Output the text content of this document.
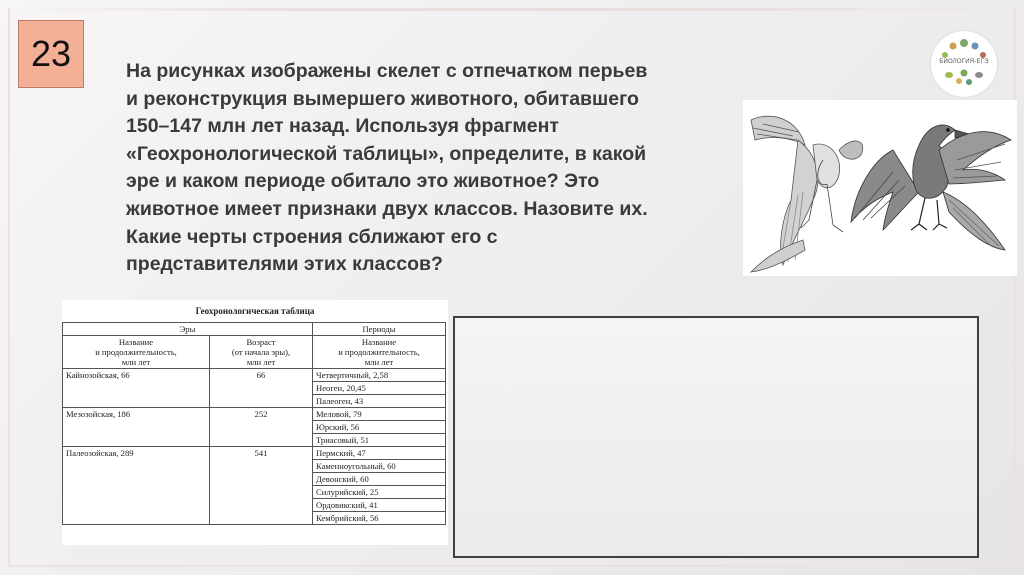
23	На рисунках изображены скелет с отпечатком перьев
и реконструкция вымершего животного, обитавшего
150–147 млн лет назад. Используя фрагмент
«Геохронологической таблицы», определите, в какой
эре и каком периоде обитало это животное? Это
животное имеет признаки двух классов. Назовите их.
Какие черты строения сближают его с
представителями этих классов?

БИОЛОГИЯ-ЕГЭ
Геохронологическая таблица
Эры		Периоды
Название
и продолжительность,
млн лет	Возраст
(от начала эры),
млн лет	Название
и продолжительность,
млн лет
Кайнозойская, 66	66	Четвертичный, 2,58
		Неоген, 20,45
		Палеоген, 43
Мезозойская, 186	252	Меловой, 79
		Юрский, 56
		Триасовый, 51
Палеозойская, 289	541	Пермский, 47
		Каменноугольный, 60
		Девонский, 60
		Силурийский, 25
		Ордовикский, 41
		Кембрийский, 56
